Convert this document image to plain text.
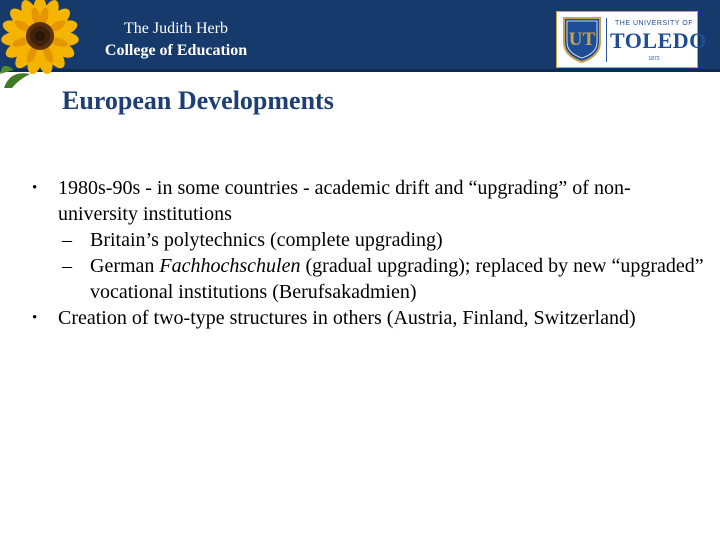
The Judith Herb
College of Education
UT
THE UNIVERSITY OF
TOLEDO
1872
European Developments
• 1980s-90s - in some countries - academic drift and “upgrading” of non-university institutions
– Britain’s polytechnics (complete upgrading)
– German Fachhochschulen (gradual upgrading); replaced by new “upgraded” vocational institutions (Berufsakadmien)
• Creation of two-type structures in others (Austria, Finland, Switzerland)
